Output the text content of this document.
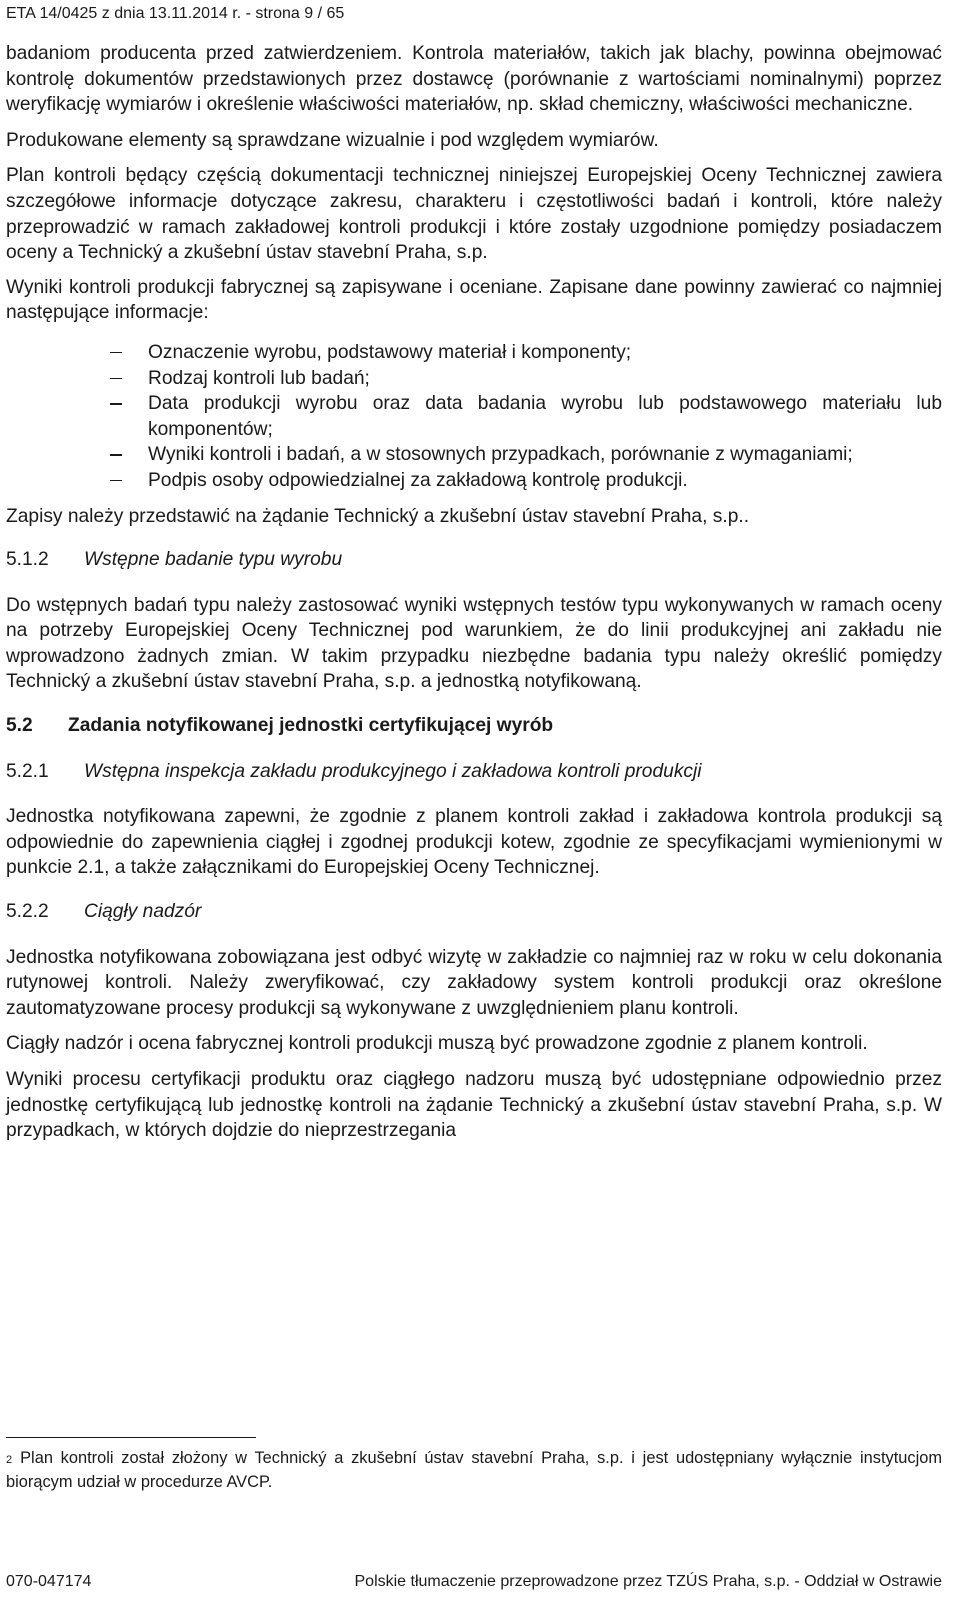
ETA 14/0425 z dnia 13.11.2014 r. - strona 9 / 65

badaniom producenta przed zatwierdzeniem. Kontrola materiałów, takich jak blachy, powinna obejmować kontrolę dokumentów przedstawionych przez dostawcę (porównanie z wartościami nominalnymi) poprzez weryfikację wymiarów i określenie właściwości materiałów, np. skład chemiczny, właściwości mechaniczne.

Produkowane elementy są sprawdzane wizualnie i pod względem wymiarów.

Plan kontroli będący częścią dokumentacji technicznej niniejszej Europejskiej Oceny Technicznej zawiera szczegółowe informacje dotyczące zakresu, charakteru i częstotliwości badań i kontroli, które należy przeprowadzić w ramach zakładowej kontroli produkcji i które zostały uzgodnione pomiędzy posiadaczem oceny a Technický a zkušební ústav stavební Praha, s.p.

Wyniki kontroli produkcji fabrycznej są zapisywane i oceniane. Zapisane dane powinny zawierać co najmniej następujące informacje:

Oznaczenie wyrobu, podstawowy materiał i komponenty;
Rodzaj kontroli lub badań;
Data produkcji wyrobu oraz data badania wyrobu lub podstawowego materiału lub komponentów;
Wyniki kontroli i badań, a w stosownych przypadkach, porównanie z wymaganiami;
Podpis osoby odpowiedzialnej za zakładową kontrolę produkcji.

Zapisy należy przedstawić na żądanie Technický a zkušební ústav stavební Praha, s.p..

5.1.2 Wstępne badanie typu wyrobu

Do wstępnych badań typu należy zastosować wyniki wstępnych testów typu wykonywanych w ramach oceny na potrzeby Europejskiej Oceny Technicznej pod warunkiem, że do linii produkcyjnej ani zakładu nie wprowadzono żadnych zmian. W takim przypadku niezbędne badania typu należy określić pomiędzy Technický a zkušební ústav stavební Praha, s.p. a jednostką notyfikowaną.

5.2 Zadania notyfikowanej jednostki certyfikującej wyrób
5.2.1 Wstępna inspekcja zakładu produkcyjnego i zakładowa kontroli produkcji

Jednostka notyfikowana zapewni, że zgodnie z planem kontroli zakład i zakładowa kontrola produkcji są odpowiednie do zapewnienia ciągłej i zgodnej produkcji kotew, zgodnie ze specyfikacjami wymienionymi w punkcie 2.1, a także załącznikami do Europejskiej Oceny Technicznej.

5.2.2 Ciągły nadzór

Jednostka notyfikowana zobowiązana jest odbyć wizytę w zakładzie co najmniej raz w roku w celu dokonania rutynowej kontroli. Należy zweryfikować, czy zakładowy system kontroli produkcji oraz określone zautomatyzowane procesy produkcji są wykonywane z uwzględnieniem planu kontroli.

Ciągły nadzór i ocena fabrycznej kontroli produkcji muszą być prowadzone zgodnie z planem kontroli.

Wyniki procesu certyfikacji produktu oraz ciągłego nadzoru muszą być udostępniane odpowiednio przez jednostkę certyfikującą lub jednostkę kontroli na żądanie Technický a zkušební ústav stavební Praha, s.p. W przypadkach, w których dojdzie do nieprzestrzegania

$^2$ Plan kontroli został złożony w Technický a zkušební ústav stavební Praha, s.p. i jest udostępniany wyłącznie instytucjom biorącym udział w procedurze AVCP.
070-047174	Polskie tłumaczenie przeprowadzone przez TZÚS Praha, s.p. - Oddział w Ostrawie
